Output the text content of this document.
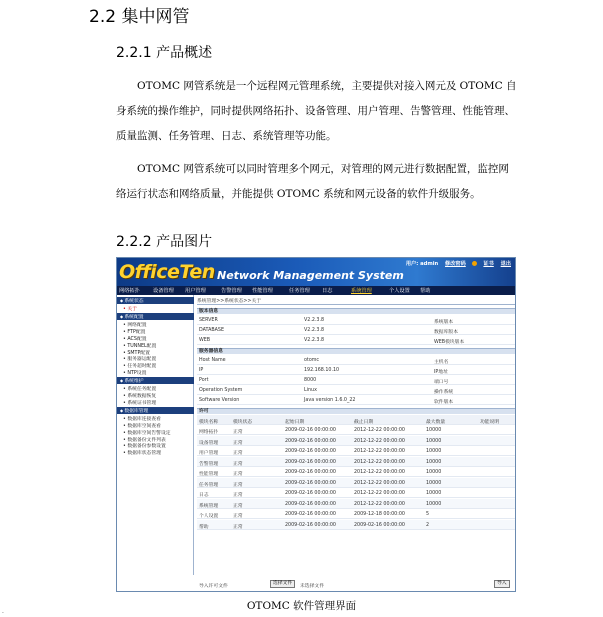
2.2 集中网管
2.2.1 产品概述
OTOMC 网管系统是一个远程网元管理系统，主要提供对接入网元及 OTOMC 自
身系统的操作维护，同时提供网络拓扑、设备管理、用户管理、告警管理、性能管理、
质量监测、任务管理、日志、系统管理等功能。
OTOMC 网管系统可以同时管理多个网元，对管理的网元进行数据配置，监控网
络运行状态和网络质量，并能提供 OTOMC 系统和网元设备的软件升级服务。
2.2.2 产品图片
OfficeTen Network Management System
用户: admin 修改密码	证书 退出
网络拓扑	设备管理 用户管理	告警管理 性能管理	任务管理 日志	系统管理	个人设置 帮助
◆ 系统状态
• 关于
◆ 系统配置
• 网络配置
• FTP配置
• ACS配置
• TUNNEL配置
• SMTP配置
• 服务器运配置
• 任务超时配置
• NTP设置
◆ 系统维护
• 系统任务配置
• 系统数据恢复
• 系统证书管理
◆ 数据库管理
• 数据库连接查看
• 数据库空间查看
• 数据库空间告警设定
• 数据备份文件列表
• 数据备份参数设置
• 数据库状态管理
系统管理>>系统状态>>关于
版本信息
SERVER	V2.2.3.8	系统版本
DATABASE	V2.2.3.8	数据库版本
WEB	V2.2.3.8	WEB模块版本
服务器信息
Host Name	otomc	主机名
IP	192.168.10.10	IP地址
Port	8000	端口号
Operation System	Linux	操作系统
Software Version	Java version 1.6.0_22	软件版本
许可
模块名称	模块状态	起始日期	截止日期	最大数量	功能说明
网络拓扑	正常	2009-02-16 00:00:00	2012-12-22 00:00:00	10000
设备管理	正常	2009-02-16 00:00:00	2012-12-22 00:00:00	10000
用户管理	正常	2009-02-16 00:00:00	2012-12-22 00:00:00	10000
告警管理	正常	2009-02-16 00:00:00	2012-12-22 00:00:00	10000
性能管理	正常	2009-02-16 00:00:00	2012-12-22 00:00:00	10000
任务管理	正常	2009-02-16 00:00:00	2012-12-22 00:00:00	10000
日志	正常	2009-02-16 00:00:00	2012-12-22 00:00:00	10000
系统管理	正常	2009-02-16 00:00:00	2012-12-22 00:00:00	10000
个人设置	正常	2009-02-16 00:00:00	2009-12-18 00:00:00	5
帮助	正常	2009-02-16 00:00:00	2009-02-16 00:00:00	2
导入许可文件
选择文件
未选择文件
导入
OTOMC 软件管理界面
·
